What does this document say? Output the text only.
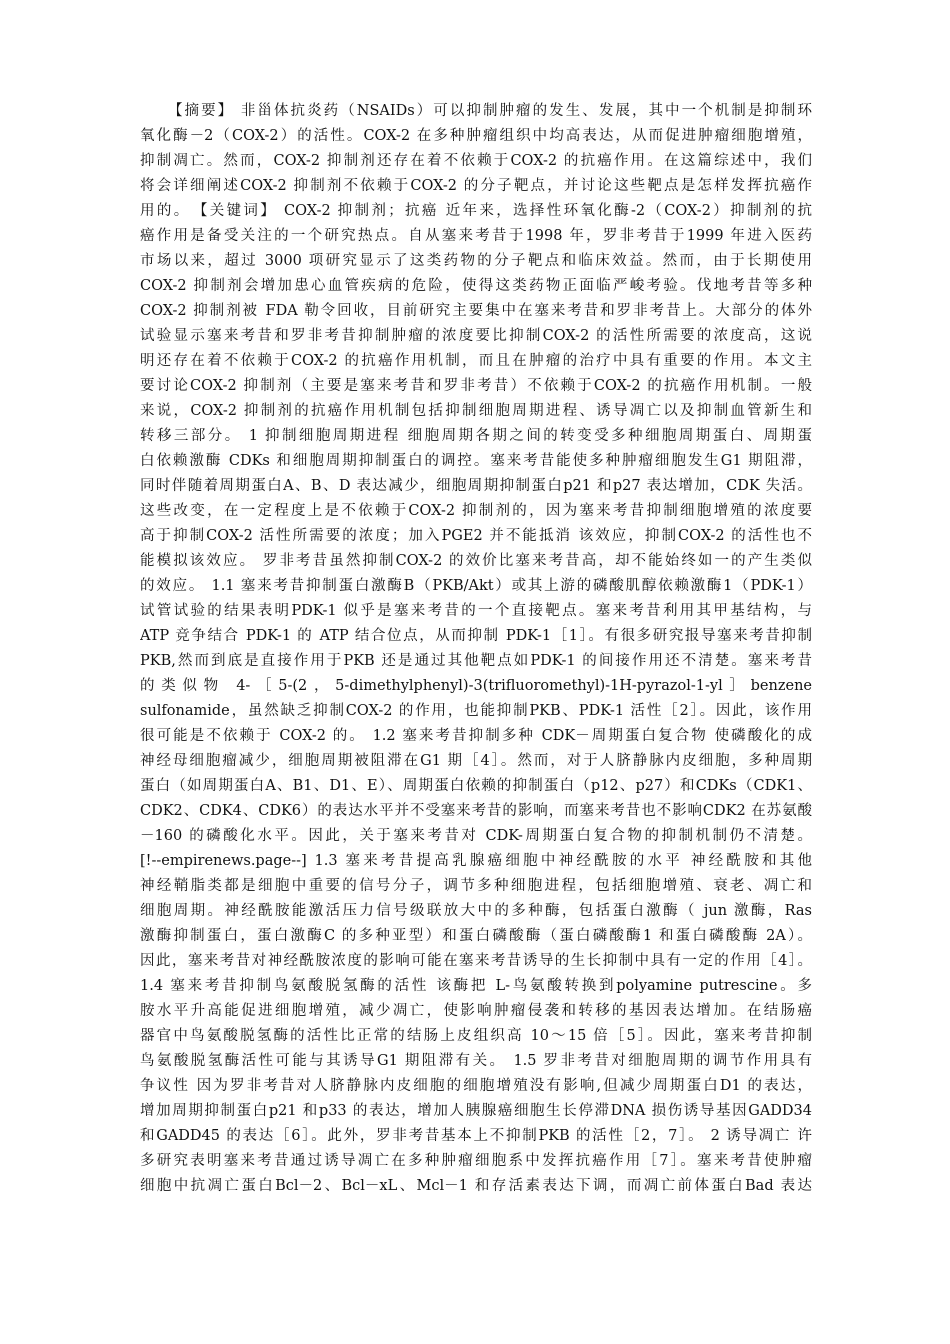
【摘要】 非甾体抗炎药（NSAIDs）可以抑制肿瘤的发生、发展，其中一个机制是抑制环
氧化酶－2（COX-2）的活性。COX-2 在多种肿瘤组织中均高表达，从而促进肿瘤细胞增殖，
抑制凋亡。然而，COX-2 抑制剂还存在着不依赖于COX-2 的抗癌作用。在这篇综述中，我们
将会详细阐述COX-2 抑制剂不依赖于COX-2 的分子靶点，并讨论这些靶点是怎样发挥抗癌作
用的。　【关键词】 COX-2 抑制剂；抗癌 近年来，选择性环氧化酶-2（COX-2）抑制剂的抗
癌作用是备受关注的一个研究热点。自从塞来考昔于1998 年，罗非考昔于1999 年进入医药
市场以来，超过 3000 项研究显示了这类药物的分子靶点和临床效益。然而，由于长期使用
COX-2 抑制剂会增加患心血管疾病的危险，使得这类药物正面临严峻考验。伐地考昔等多种
COX-2 抑制剂被 FDA 勒令回收，目前研究主要集中在塞来考昔和罗非考昔上。大部分的体外
试验显示塞来考昔和罗非考昔抑制肿瘤的浓度要比抑制COX-2 的活性所需要的浓度高，这说
明还存在着不依赖于COX-2 的抗癌作用机制，而且在肿瘤的治疗中具有重要的作用。本文主
要讨论COX-2 抑制剂（主要是塞来考昔和罗非考昔）不依赖于COX-2 的抗癌作用机制。一般
来说，COX-2 抑制剂的抗癌作用机制包括抑制细胞周期进程、诱导凋亡以及抑制血管新生和
转移三部分。 1 抑制细胞周期进程 细胞周期各期之间的转变受多种细胞周期蛋白、周期蛋
白依赖激酶 CDKs 和细胞周期抑制蛋白的调控。塞来考昔能使多种肿瘤细胞发生G1 期阻滞，
同时伴随着周期蛋白A、B、D 表达减少，细胞周期抑制蛋白p21 和p27 表达增加，CDK 失活。
这些改变，在一定程度上是不依赖于COX-2 抑制剂的，因为塞来考昔抑制细胞增殖的浓度要
高于抑制COX-2 活性所需要的浓度；加入PGE2 并不能抵消 该效应，抑制COX-2 的活性也不
能模拟该效应。 罗非考昔虽然抑制COX-2 的效价比塞来考昔高，却不能始终如一的产生类似
的效应。 1.1 塞来考昔抑制蛋白激酶B（PKB/Akt）或其上游的磷酸肌醇依赖激酶1（PDK-1）
试管试验的结果表明PDK-1 似乎是塞来考昔的一个直接靶点。塞来考昔利用其甲基结构，与
ATP 竞争结合 PDK-1 的 ATP 结合位点，从而抑制 PDK-1［1］。有很多研究报导塞来考昔抑制
PKB,然而到底是直接作用于PKB 还是通过其他靶点如PDK-1 的间接作用还不清楚。塞来考昔
的类似物 4-［5-(2，5-dimethylphenyl)-3(trifluoromethyl)-1H-pyrazol-1-yl］benzene
sulfonamide，虽然缺乏抑制COX-2 的作用，也能抑制PKB、PDK-1 活性［2］。因此，该作用
很可能是不依赖于 COX-2 的。 1.2 塞来考昔抑制多种 CDK－周期蛋白复合物 使磷酸化的成
神经母细胞瘤减少，细胞周期被阻滞在G1 期［4］。然而，对于人脐静脉内皮细胞，多种周期
蛋白（如周期蛋白A、B1、D1、E）、周期蛋白依赖的抑制蛋白（p12、p27）和CDKs（CDK1、
CDK2、CDK4、CDK6）的表达水平并不受塞来考昔的影响，而塞来考昔也不影响CDK2 在苏氨酸
－160 的磷酸化水平。因此，关于塞来考昔对 CDK-周期蛋白复合物的抑制机制仍不清楚。
[!--empirenews.page--] 1.3 塞来考昔提高乳腺癌细胞中神经酰胺的水平 神经酰胺和其他
神经鞘脂类都是细胞中重要的信号分子，调节多种细胞进程，包括细胞增殖、衰老、凋亡和
细胞周期。神经酰胺能激活压力信号级联放大中的多种酶，包括蛋白激酶（ jun 激酶，Ras
激酶抑制蛋白，蛋白激酶C 的多种亚型）和蛋白磷酸酶（蛋白磷酸酶1 和蛋白磷酸酶 2A）。
因此，塞来考昔对神经酰胺浓度的影响可能在塞来考昔诱导的生长抑制中具有一定的作用［4］。
1.4 塞来考昔抑制鸟氨酸脱氢酶的活性 该酶把 L-鸟氨酸转换到polyamine putrescine。多
胺水平升高能促进细胞增殖，减少凋亡，使影响肿瘤侵袭和转移的基因表达增加。在结肠癌
器官中鸟氨酸脱氢酶的活性比正常的结肠上皮组织高 10～15 倍［5］。因此，塞来考昔抑制
鸟氨酸脱氢酶活性可能与其诱导G1 期阻滞有关。 1.5 罗非考昔对细胞周期的调节作用具有
争议性 因为罗非考昔对人脐静脉内皮细胞的细胞增殖没有影响,但减少周期蛋白D1 的表达，
增加周期抑制蛋白p21 和p33 的表达，增加人胰腺癌细胞生长停滞DNA 损伤诱导基因GADD34
和GADD45 的表达［6］。此外，罗非考昔基本上不抑制PKB 的活性［2，7］。 2 诱导凋亡 许
多研究表明塞来考昔通过诱导凋亡在多种肿瘤细胞系中发挥抗癌作用［7］。塞来考昔使肿瘤
细胞中抗凋亡蛋白Bcl－2、Bcl－xL、Mcl－1 和存活素表达下调，而凋亡前体蛋白Bad 表达
